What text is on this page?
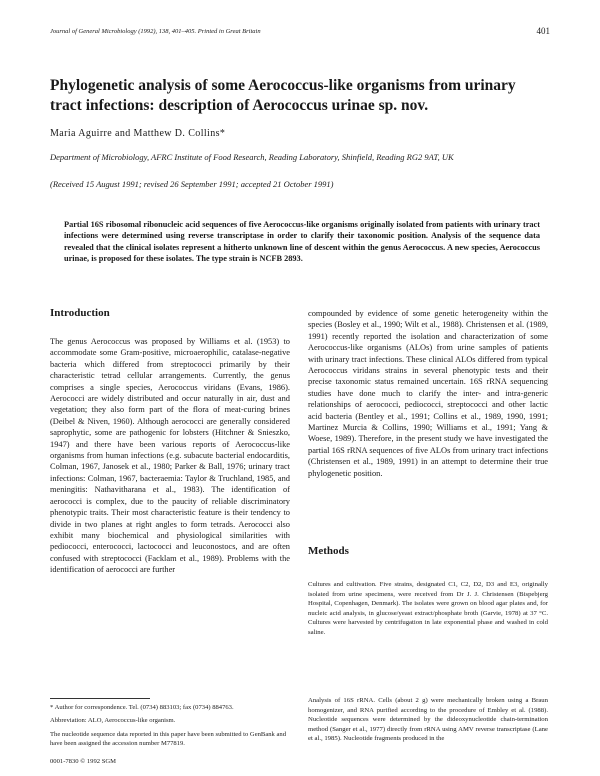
Journal of General Microbiology (1992), 138, 401–405. Printed in Great Britain	401
Phylogenetic analysis of some Aerococcus-like organisms from urinary tract infections: description of Aerococcus urinae sp. nov.
Maria Aguirre and Matthew D. Collins*
Department of Microbiology, AFRC Institute of Food Research, Reading Laboratory, Shinfield, Reading RG2 9AT, UK
(Received 15 August 1991; revised 26 September 1991; accepted 21 October 1991)
Partial 16S ribosomal ribonucleic acid sequences of five Aerococcus-like organisms originally isolated from patients with urinary tract infections were determined using reverse transcriptase in order to clarify their taxonomic position. Analysis of the sequence data revealed that the clinical isolates represent a hitherto unknown line of descent within the genus Aerococcus. A new species, Aerococcus urinae, is proposed for these isolates. The type strain is NCFB 2893.
Introduction
The genus Aerococcus was proposed by Williams et al. (1953) to accommodate some Gram-positive, microaerophilic, catalase-negative bacteria which differed from streptococci primarily by their characteristic tetrad cellular arrangements. Currently, the genus comprises a single species, Aerococcus viridans (Evans, 1986). Aerococci are widely distributed and occur naturally in air, dust and vegetation; they also form part of the flora of meat-curing brines (Deibel & Niven, 1960). Although aerococci are generally considered saprophytic, some are pathogenic for lobsters (Hitchner & Snieszko, 1947) and there have been various reports of Aerococcus-like organisms from human infections (e.g. subacute bacterial endocarditis, Colman, 1967, Janosek et al., 1980; Parker & Ball, 1976; urinary tract infections: Colman, 1967, bacteraemia: Taylor & Truchland, 1985, and meningitis: Nathavitharana et al., 1983). The identification of aerococci is complex, due to the paucity of reliable discriminatory phenotypic traits. Their most characteristic feature is their tendency to divide in two planes at right angles to form tetrads. Aerococci also exhibit many biochemical and physiological similarities with pediococci, enterococci, lactococci and leuconostocs, and are often confused with streptococci (Facklam et al., 1989). Problems with the identification of aerococci are further
compounded by evidence of some genetic heterogeneity within the species (Bosley et al., 1990; Wilt et al., 1988). Christensen et al. (1989, 1991) recently reported the isolation and characterization of some Aerococcus-like organisms (ALOs) from urine samples of patients with urinary tract infections. These clinical ALOs differed from typical Aerococcus viridans strains in several phenotypic tests and their precise taxonomic status remained uncertain. 16S rRNA sequencing studies have done much to clarify the inter- and intra-generic relationships of aerococci, pediococci, streptococci and other lactic acid bacteria (Bentley et al., 1991; Collins et al., 1989, 1990, 1991; Martinez Murcia & Collins, 1990; Williams et al., 1991; Yang & Woese, 1989). Therefore, in the present study we have investigated the partial 16S rRNA sequences of five ALOs from urinary tract infections (Christensen et al., 1989, 1991) in an attempt to determine their true phylogenetic position.
Methods
Cultures and cultivation. Five strains, designated C1, C2, D2, D3 and E3, originally isolated from urine specimens, were received from Dr J. J. Christensen (Bispebjerg Hospital, Copenhagen, Denmark). The isolates were grown on blood agar plates and, for nucleic acid analysis, in glucose/yeast extract/phosphate broth (Garvie, 1978) at 37 °C. Cultures were harvested by centrifugation in late exponential phase and washed in cold saline.
Analysis of 16S rRNA. Cells (about 2 g) were mechanically broken using a Braun homogenizer, and RNA purified according to the procedure of Embley et al. (1988). Nucleotide sequences were determined by the dideoxynucleotide chain-termination method (Sanger et al., 1977) directly from rRNA using AMV reverse transcriptase (Lane et al., 1985). Nucleotide fragments produced in the

* Author for correspondence. Tel. (0734) 883103; fax (0734) 884763.

Abbreviation: ALO, Aerococcus-like organism.

The nucleotide sequence data reported in this paper have been submitted to GenBank and have been assigned the accession number M77819.

0001-7830 © 1992 SGM
